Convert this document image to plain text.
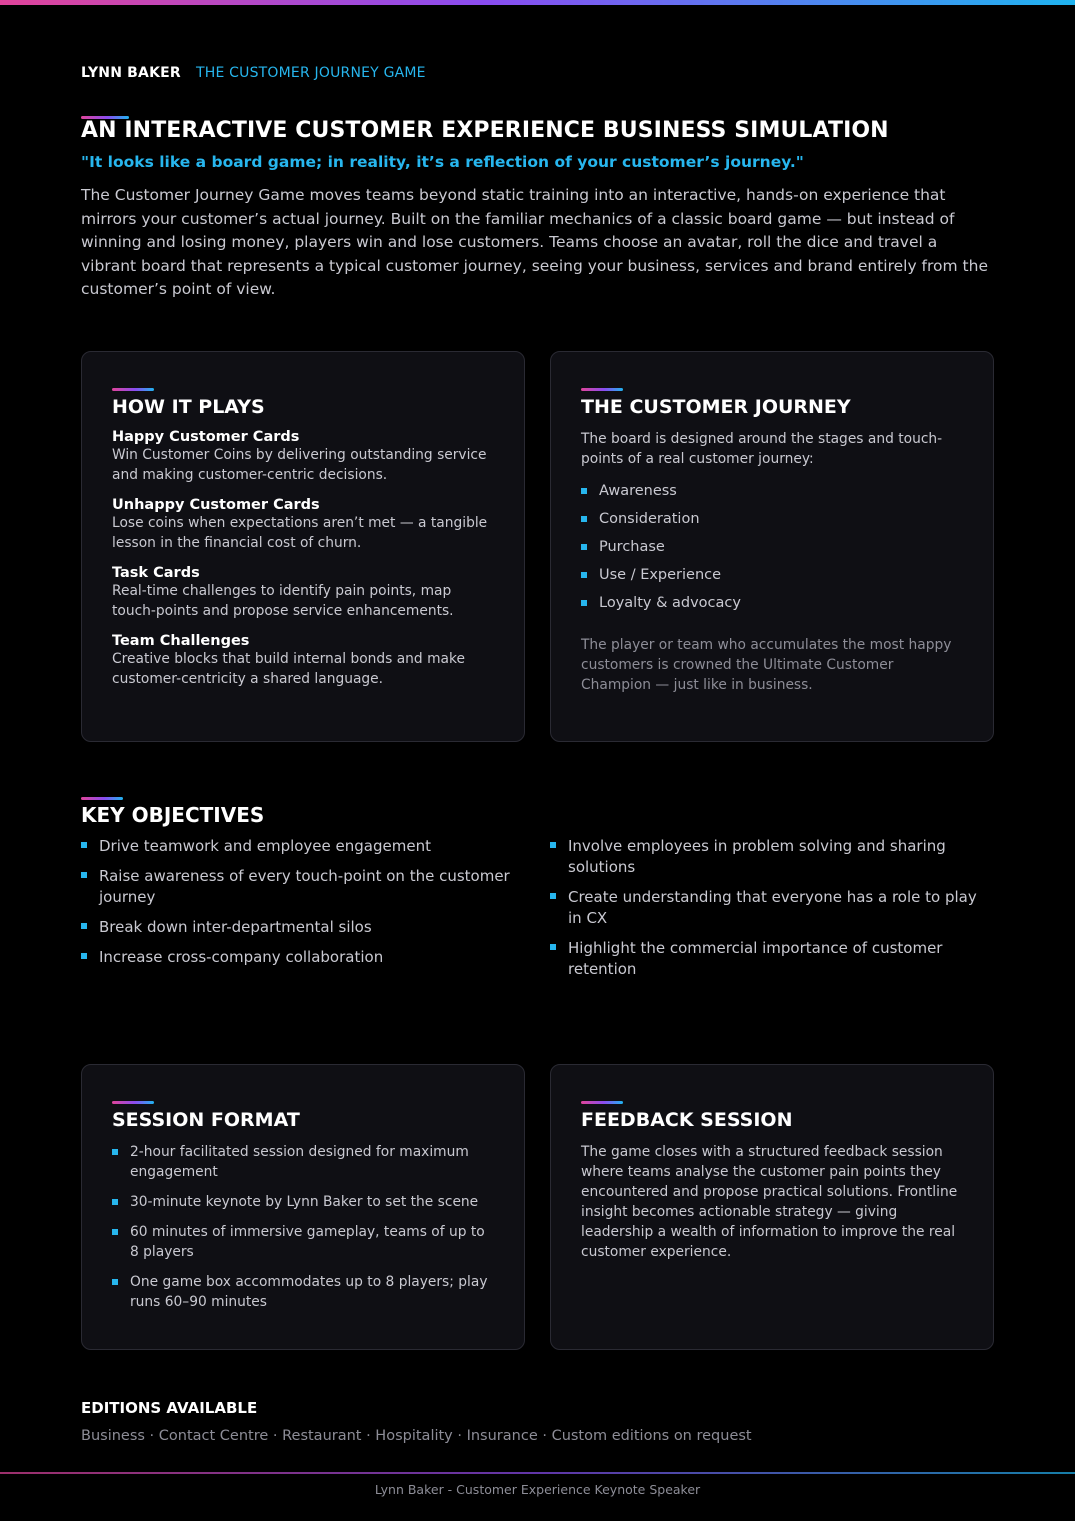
LYNN BAKER THE CUSTOMER JOURNEY GAME
AN INTERACTIVE CUSTOMER EXPERIENCE BUSINESS SIMULATION

"It looks like a board game; in reality, it’s a reflection of your customer’s journey."

The Customer Journey Game moves teams beyond static training into an interactive, hands-on experience that mirrors your customer’s actual journey. Built on the familiar mechanics of a classic board game — but instead of winning and losing money, players win and lose customers. Teams choose an avatar, roll the dice and travel a vibrant board that represents a typical customer journey, seeing your business, services and brand entirely from the customer’s point of view.

HOW IT PLAYS
Happy Customer Cards
Win Customer Coins by delivering outstanding service and making customer-centric decisions.
Unhappy Customer Cards
Lose coins when expectations aren’t met — a tangible lesson in the financial cost of churn.
Task Cards
Real-time challenges to identify pain points, map touch-points and propose service enhancements.
Team Challenges
Creative blocks that build internal bonds and make customer-centricity a shared language.
THE CUSTOMER JOURNEY

The board is designed around the stages and touch-points of a real customer journey:

Awareness
Consideration
Purchase
Use / Experience
Loyalty & advocacy

The player or team who accumulates the most happy customers is crowned the Ultimate Customer Champion — just like in business.

KEY OBJECTIVES
Drive teamwork and employee engagement
Raise awareness of every touch-point on the customer journey
Break down inter-departmental silos
Increase cross-company collaboration
Involve employees in problem solving and sharing solutions
Create understanding that everyone has a role to play in CX
Highlight the commercial importance of customer retention
SESSION FORMAT
2-hour facilitated session designed for maximum engagement
30-minute keynote by Lynn Baker to set the scene
60 minutes of immersive gameplay, teams of up to 8 players
One game box accommodates up to 8 players; play runs 60–90 minutes
FEEDBACK SESSION

The game closes with a structured feedback session where teams analyse the customer pain points they encountered and propose practical solutions. Frontline insight becomes actionable strategy — giving leadership a wealth of information to improve the real customer experience.

EDITIONS AVAILABLE
Business · Contact Centre · Restaurant · Hospitality · Insurance · Custom editions on request
Lynn Baker - Customer Experience Keynote Speaker
